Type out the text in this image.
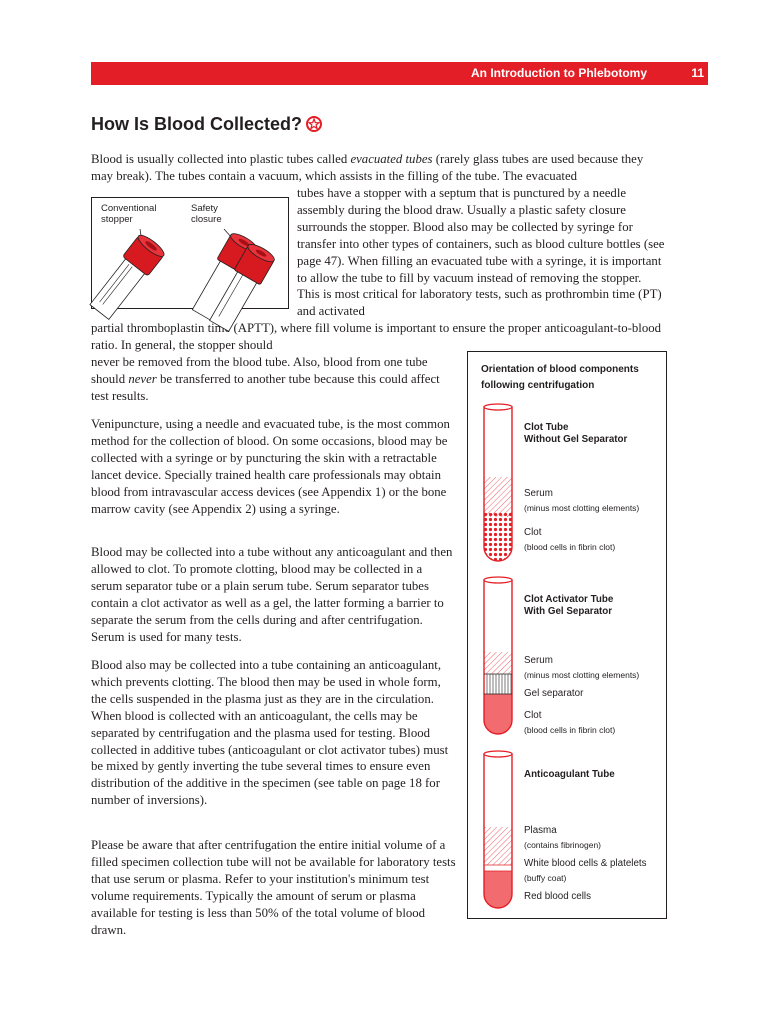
An Introduction to Phlebotomy	11
How Is Blood Collected?

Blood is usually collected into plastic tubes called evacuated tubes (rarely glass tubes are used because they may break). The tubes contain a vacuum, which assists in the filling of the tube. The evacuated

tubes have a stopper with a septum that is punctured by a needle assembly during the blood draw. Usually a plastic safety closure surrounds the stopper. Blood also may be collected by syringe for transfer into other types of containers, such as blood culture bottles (see page 47). When filling an evacuated tube with a syringe, it is important to allow the tube to fill by vacuum instead of removing the stopper. This is most critical for laboratory tests, such as prothrombin time (PT) and activated

partial thromboplastin time (APTT), where fill volume is important to ensure the proper anticoagulant-to-blood ratio. In general, the stopper should

never be removed from the blood tube. Also, blood from one tube should never be transferred to another tube because this could affect test results.

Venipuncture, using a needle and evacuated tube, is the most common method for the collection of blood. On some occasions, blood may be collected with a syringe or by puncturing the skin with a retractable lancet device. Specially trained health care professionals may obtain blood from intravascular access devices (see Appendix 1) or the bone marrow cavity (see Appendix 2) using a syringe.

Blood may be collected into a tube without any anticoagulant and then allowed to clot. To promote clotting, blood may be collected in a serum separator tube or a plain serum tube. Serum separator tubes contain a clot activator as well as a gel, the latter forming a barrier to separate the serum from the cells during and after centrifugation. Serum is used for many tests.

Blood also may be collected into a tube containing an anticoagulant, which prevents clotting. The blood then may be used in whole form, the cells suspended in the plasma just as they are in the circulation. When blood is collected with an anticoagulant, the cells may be separated by centrifugation and the plasma used for testing. Blood collected in additive tubes (anticoagulant or clot activator tubes) must be mixed by gently inverting the tube several times to ensure even distribution of the additive in the specimen (see table on page 18 for number of inversions).

Please be aware that after centrifugation the entire initial volume of a filled specimen collection tube will not be available for laboratory tests that use serum or plasma. Refer to your institution's minimum test volume requirements. Typically the amount of serum or plasma available for testing is less than 50% of the total volume of blood drawn.

Conventional
stopper
Safety
closure
Orientation of blood components
following centrifugation
Clot Tube
Without Gel Separator
Serum
(minus most clotting elements)
Clot
(blood cells in fibrin clot)
Clot Activator Tube
With Gel Separator
Serum
(minus most clotting elements)
Gel separator
Clot
(blood cells in fibrin clot)
Anticoagulant Tube
Plasma
(contains fibrinogen)
White blood cells & platelets
(buffy coat)
Red blood cells
